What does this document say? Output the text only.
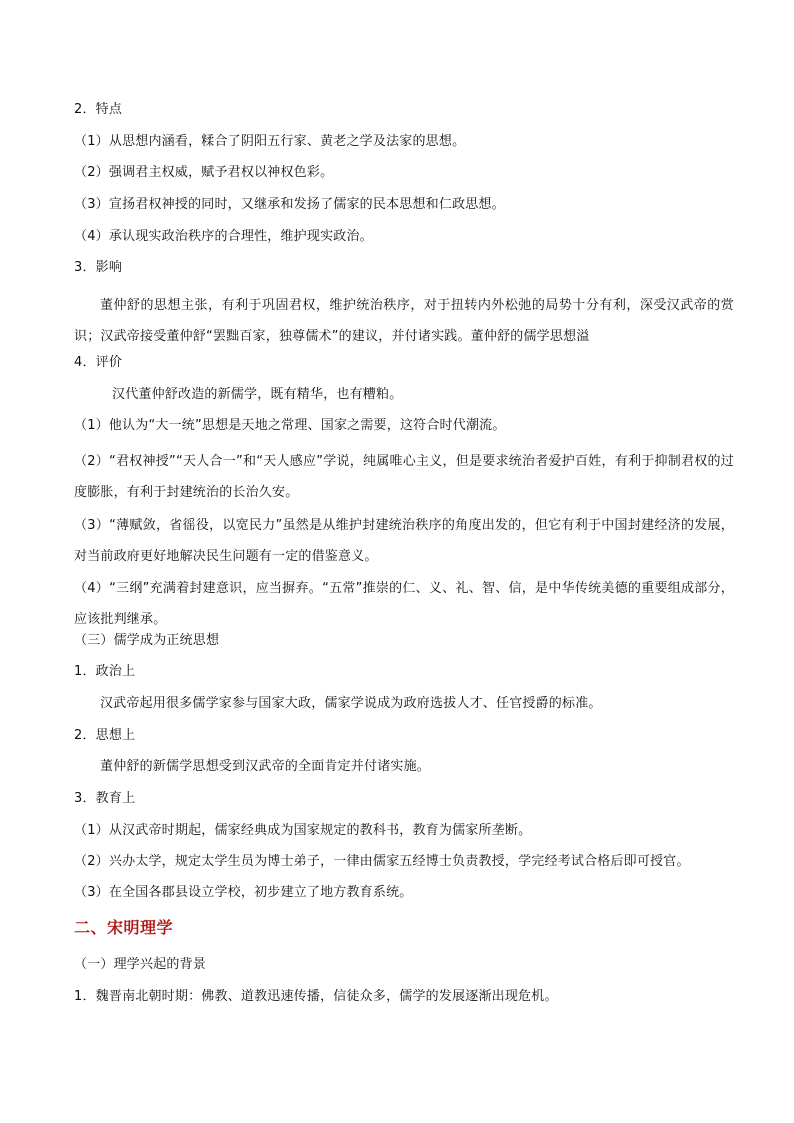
2．特点
（1）从思想内涵看，糅合了阴阳五行家、黄老之学及法家的思想。
（2）强调君主权威，赋予君权以神权色彩。
（3）宣扬君权神授的同时，又继承和发扬了儒家的民本思想和仁政思想。
（4）承认现实政治秩序的合理性，维护现实政治。
3．影响
董仲舒的思想主张，有利于巩固君权，维护统治秩序，对于扭转内外松弛的局势十分有利，深受汉武帝的赏识；汉武帝接受董仲舒“罢黜百家，独尊儒术”的建议，并付诸实践。董仲舒的儒学思想溢
4．评价
汉代董仲舒改造的新儒学，既有精华，也有糟粕。
（1）他认为“大一统”思想是天地之常理、国家之需要，这符合时代潮流。
（2）“君权神授”“天人合一”和“天人感应”学说，纯属唯心主义，但是要求统治者爱护百姓，有利于抑制君权的过度膨胀，有利于封建统治的长治久安。
（3）“薄赋敛，省徭役，以宽民力”虽然是从维护封建统治秩序的角度出发的，但它有利于中国封建经济的发展，对当前政府更好地解决民生问题有一定的借鉴意义。
（4）“三纲”充满着封建意识，应当摒弃。“五常”推崇的仁、义、礼、智、信，是中华传统美德的重要组成部分，应该批判继承。
（三）儒学成为正统思想
1．政治上
汉武帝起用很多儒学家参与国家大政，儒家学说成为政府选拔人才、任官授爵的标准。
2．思想上
董仲舒的新儒学思想受到汉武帝的全面肯定并付诸实施。
3．教育上
（1）从汉武帝时期起，儒家经典成为国家规定的教科书，教育为儒家所垄断。
（2）兴办太学，规定太学生员为博士弟子，一律由儒家五经博士负责教授，学完经考试合格后即可授官。
（3）在全国各郡县设立学校，初步建立了地方教育系统。
二、宋明理学
（一）理学兴起的背景
1．魏晋南北朝时期：佛教、道教迅速传播，信徒众多，儒学的发展逐渐出现危机。
